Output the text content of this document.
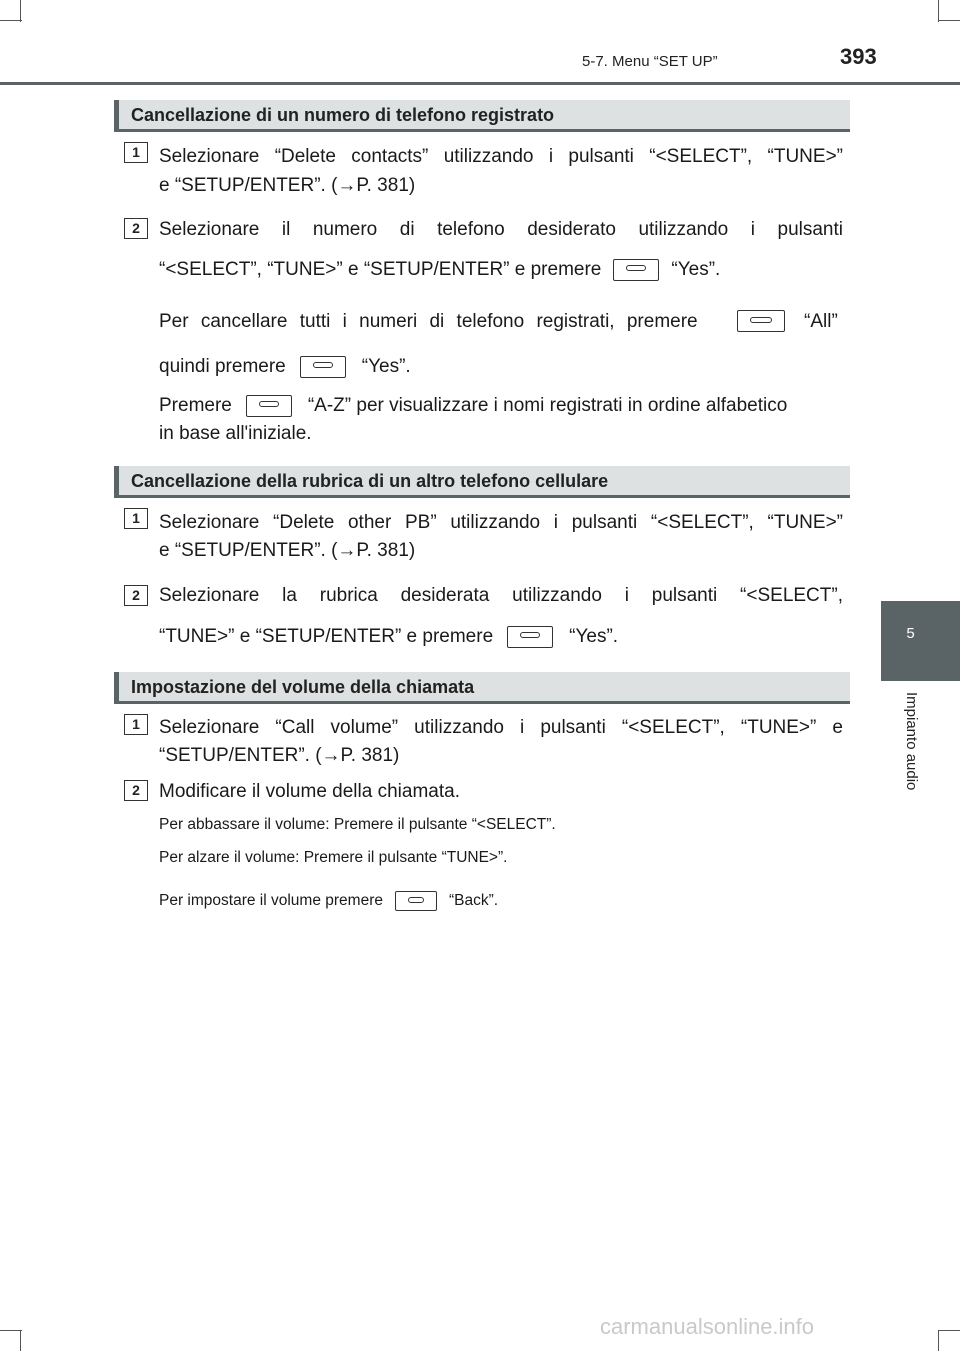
5-7. Menu “SET UP”	393
5
Impianto audio
Cancellazione di un numero di telefono registrato
1	Selezionare “Delete contacts” utilizzando i pulsanti “<SELECT”, “TUNE>”
e “SETUP/ENTER”. (→P. 381)
2	Selezionare il numero di telefono desiderato utilizzando i pulsanti
“<SELECT”, “TUNE>” e “SETUP/ENTER” e premere	“Yes”.
Per cancellare tutti i numeri di telefono registrati, premere	“All”
quindi premere	“Yes”.
Premere	“A-Z” per visualizzare i nomi registrati in ordine alfabetico
in base all'iniziale.
Cancellazione della rubrica di un altro telefono cellulare
1	Selezionare “Delete other PB” utilizzando i pulsanti “<SELECT”, “TUNE>”
e “SETUP/ENTER”. (→P. 381)
2	Selezionare la rubrica desiderata utilizzando i pulsanti “<SELECT”,
“TUNE>” e “SETUP/ENTER” e premere	“Yes”.
Impostazione del volume della chiamata
1	Selezionare “Call volume” utilizzando i pulsanti “<SELECT”, “TUNE>” e
“SETUP/ENTER”. (→P. 381)
2	Modificare il volume della chiamata.
Per abbassare il volume: Premere il pulsante “<SELECT”.
Per alzare il volume: Premere il pulsante “TUNE>”.
Per impostare il volume premere	“Back”.
carmanualsonline.info
